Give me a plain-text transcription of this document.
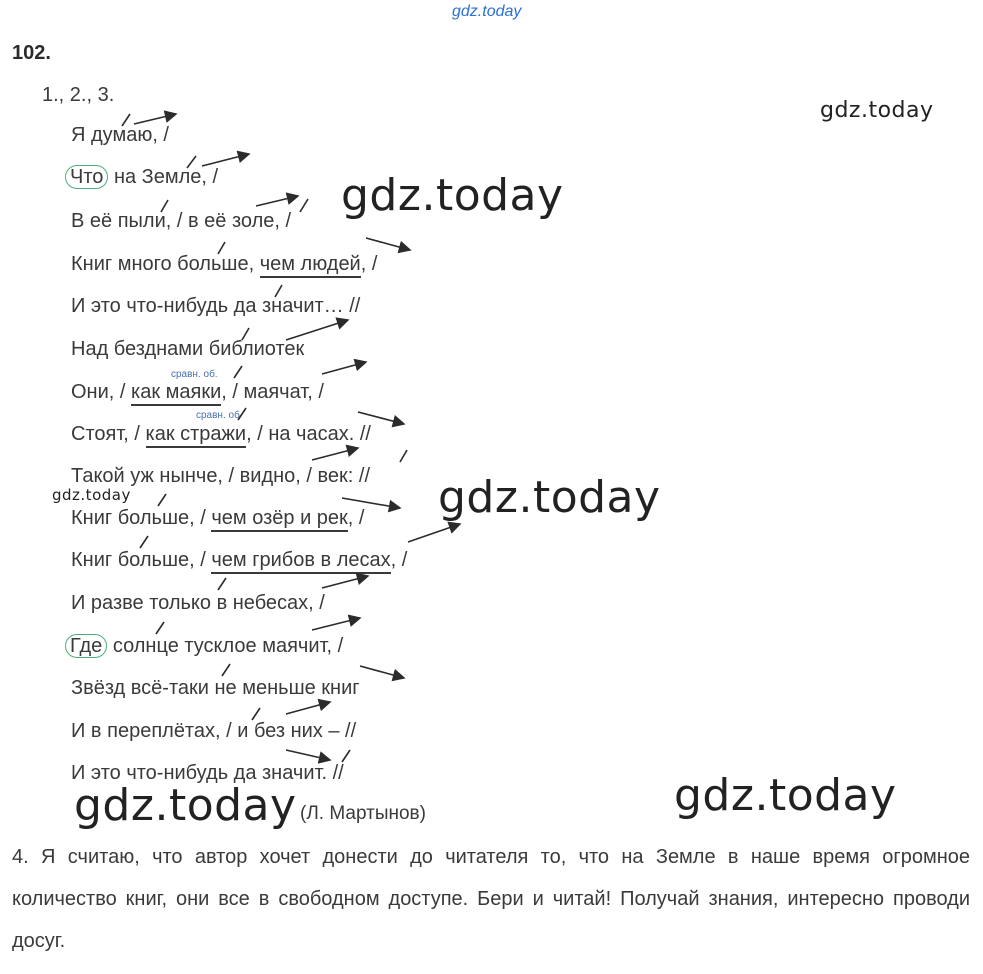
gdz.today
102.
1., 2., 3.
gdz.today
gdz.today
gdz.today
gdz.today
gdz.today	gdz.today
Я думаю, /
Что на Земле, /
В её пыли, / в её золе, /
Книг много больше, чем людей, /
И это что-нибудь да значит… //
Над безднами библиотек
сравн. об.
Они, / как маяки, / маячат, /
сравн. об
Стоят, / как стражи, / на часах. //
Такой уж нынче, / видно, / век: //
Книг больше, / чем озёр и рек, /
Книг больше, / чем грибов в лесах, /
И разве только в небесах, /
Где солнце тусклое маячит, /
Звёзд всё-таки не меньше книг
И в переплётах, / и без них – //
И это что-нибудь да значит. //
(Л. Мартынов)
4. Я считаю, что автор хочет донести до читателя то, что на Земле в наше время огромное количество книг, они все в свободном доступе. Бери и читай! Получай знания, интересно проводи досуг.
